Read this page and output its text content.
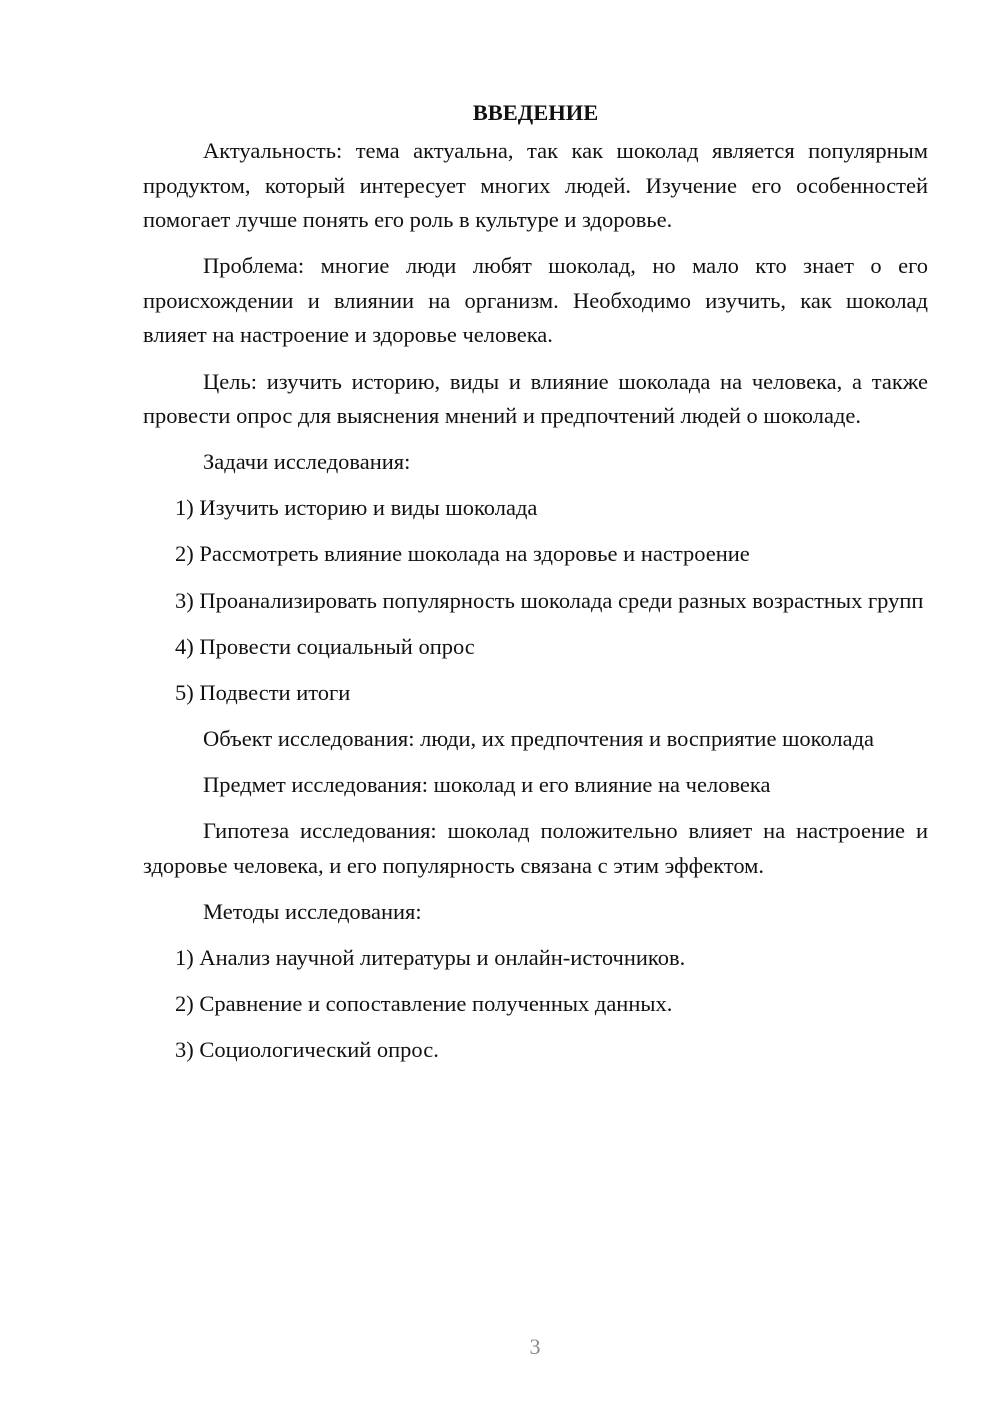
ВВЕДЕНИЕ

Актуальность: тема актуальна, так как шоколад является популярным продуктом, который интересует многих людей. Изучение его особенностей помогает лучше понять его роль в культуре и здоровье.

Проблема: многие люди любят шоколад, но мало кто знает о его происхождении и влиянии на организм. Необходимо изучить, как шоколад влияет на настроение и здоровье человека.

Цель: изучить историю, виды и влияние шоколада на человека, а также провести опрос для выяснения мнений и предпочтений людей о шоколаде.

Задачи исследования:

1) Изучить историю и виды шоколада

2) Рассмотреть влияние шоколада на здоровье и настроение

3) Проанализировать популярность шоколада среди разных возрастных групп

4) Провести социальный опрос

5) Подвести итоги

Объект исследования: люди, их предпочтения и восприятие шоколада

Предмет исследования: шоколад и его влияние на человека

Гипотеза исследования: шоколад положительно влияет на настроение и здоровье человека, и его популярность связана с этим эффектом.

Методы исследования:

1) Анализ научной литературы и онлайн-источников.

2) Сравнение и сопоставление полученных данных.

3) Социологический опрос.

3
